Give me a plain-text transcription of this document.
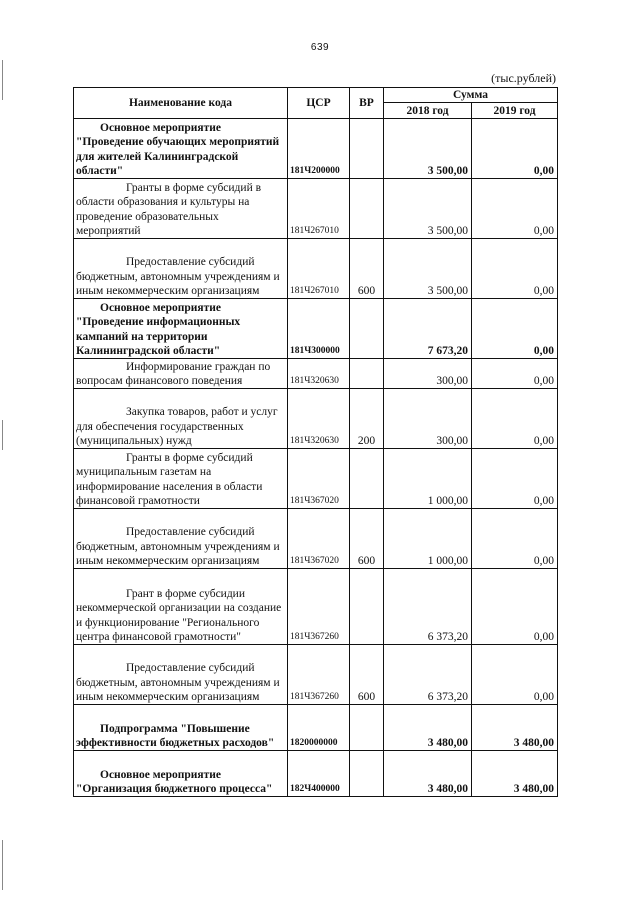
639
(тыс.рублей)
Наименование кода	ЦСР	ВР	Сумма	
			2018 год	2019 год

Основное мероприятие "Проведение обучающих мероприятий для жителей Калининградской области"	181Ч200000		3 500,00	0,00

Гранты в форме субсидий в области образования и культуры на проведение образовательных мероприятий	181Ч267010		3 500,00	0,00

Предоставление субсидий бюджетным, автономным учреждениям и иным некоммерческим организациям	181Ч267010	600	3 500,00	0,00

Основное мероприятие "Проведение информационных кампаний на территории Калининградской области"	181Ч300000		7 673,20	0,00

Информирование граждан по вопросам финансового поведения	181Ч320630		300,00	0,00

Закупка товаров, работ и услуг для обеспечения государственных (муниципальных) нужд	181Ч320630	200	300,00	0,00

Гранты в форме субсидий муниципальным газетам на информирование населения в области финансовой грамотности	181Ч367020		1 000,00	0,00

Предоставление субсидий бюджетным, автономным учреждениям и иным некоммерческим организациям	181Ч367020	600	1 000,00	0,00

Грант в форме субсидии некоммерческой организации на создание и функционирование "Регионального центра финансовой грамотности"	181Ч367260		6 373,20	0,00

Предоставление субсидий бюджетным, автономным учреждениям и иным некоммерческим организациям	181Ч367260	600	6 373,20	0,00

Подпрограмма "Повышение эффективности бюджетных расходов"	1820000000		3 480,00	3 480,00

Основное мероприятие "Организация бюджетного процесса"	182Ч400000		3 480,00	3 480,00
